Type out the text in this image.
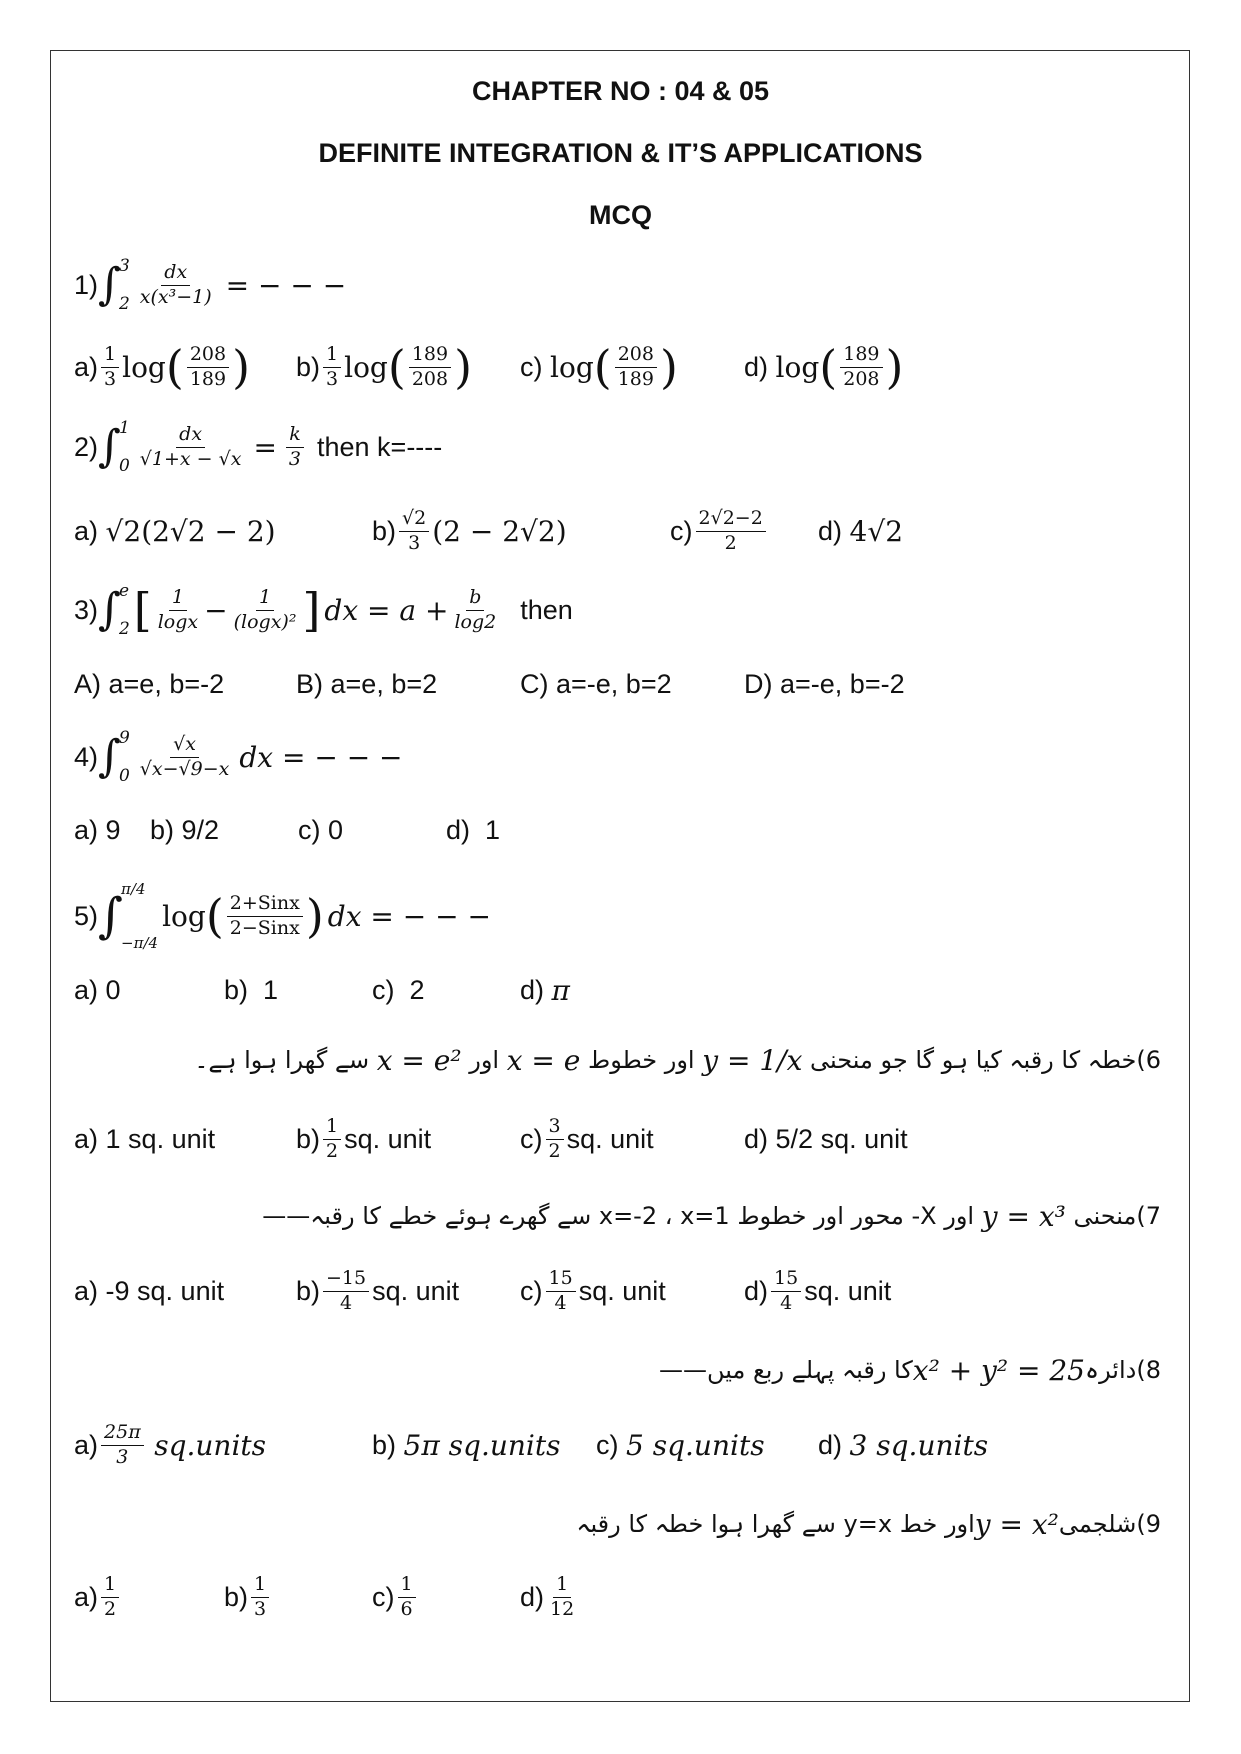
CHAPTER NO : 04 & 05
DEFINITE INTEGRATION & IT’S APPLICATIONS
MCQ
1) ∫
3
$2 \frac{dx}{\text{x(x³−1)}}$ = − − −
$a) \frac{1}{3}$ log ( $\frac{208}{189}$ ) $b) \frac{1}{3}$ log ( $\frac{189}{208}$ ) c)
log ( $\frac{208}{189}$ ) d)
log ( $\frac{189}{208}$ )
2) ∫
1
$0 \frac{dx}{√1+x - √x} = \frac{k}{3}$ then k=----
a)
√2(2√2 − 2)	$b) \frac{√2}{3} (2 - 2√2)$	$c) \frac{2√2-2}{2} d$)
4√2
3) ∫
e
2 [ $\frac{1}{\log x} - \frac{1}{\text{(logx)²}}$ ] dx = $a + \frac{b}{\log 2}$ then
A)
a=e, b=-2	B)
a=e, b=2	C)
a=-e, b=2	D)
a=-e, b=-2
4) ∫
9
$0 \frac{√x}{√x-√9-x}$ dx = − − −
a)
9 b)
9/2	c)
0	d)
1
5) ∫
π/4
−π/4
log ( $\frac{\text{2+Sinx}}{\text{2−Sinx}}$ ) dx = − − −
a)
0	b)
1	c)
2	d)
π
6)
خطہ کا رقبہ کیا ہو گا جو منحنی

y = 1/x

اور خطوط

x = e

اور

x = e²

سے گھرا ہوا ہے۔
a)
1 sq. unit	$b) \frac{1}{2}$ sq. unit	$c) \frac{3}{2}$ sq. unit	d)
5/2 sq. unit
7)
منحنی

y = x³

اور X- محور اور خطوط x=-2 ، x=1 سے گھرے ہوئے خطے کا رقبہ
——
a)
-9 sq. unit	$b) \frac{-15}{4}$ sq. unit $c) \frac{15}{4}$ sq. unit	$d) \frac{15}{4}$ sq. unit
8)
دائرہ
x² + y² = 25
کا رقبہ پہلے ربع میں
——
$a) \frac{25\pi}{3}$
sq.units	b)
5π sq.units c)
5 sq.units d)
3 sq.units
9)
شلجمی
y = x²
اور خط y=x سے گھرا ہوا خطہ کا رقبہ
$a) \frac{1}{2}$	$b) \frac{1}{3}$	$c) \frac{1}{6}$	$d) \frac{1}{12}$
